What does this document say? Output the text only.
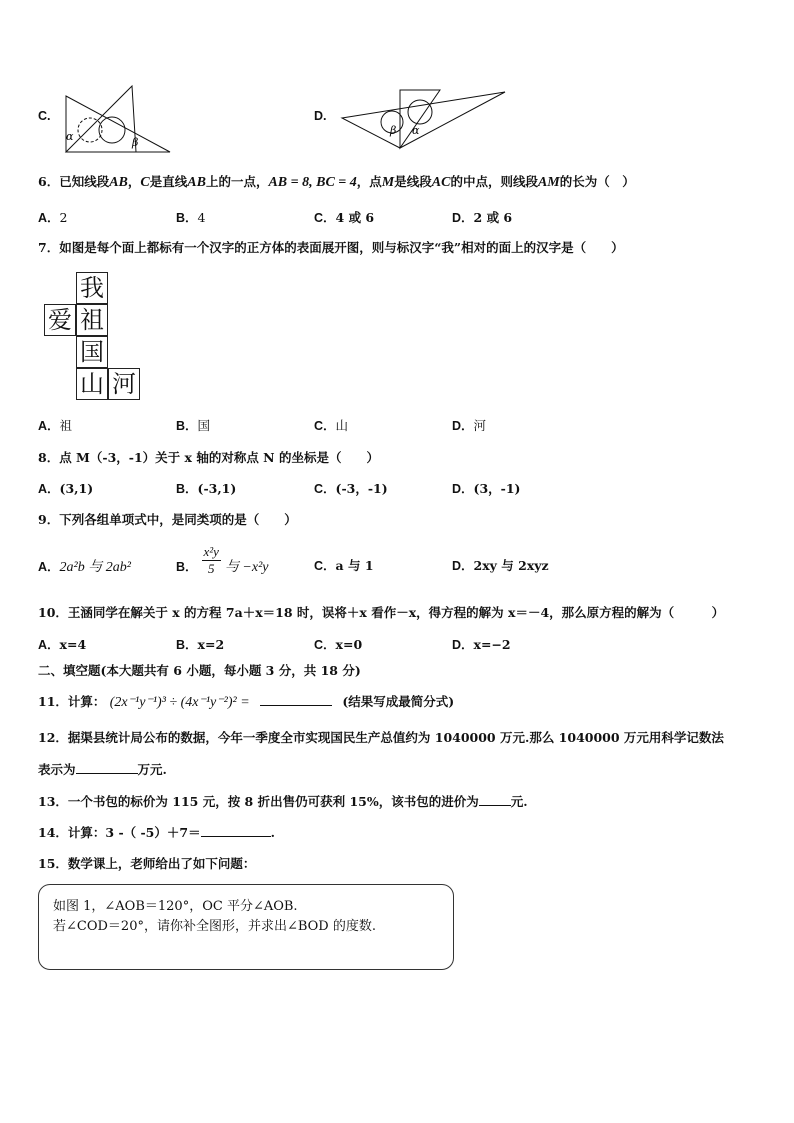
C.
α	β
D.
β α
6．已知线段AB，C是直线AB上的一点，AB = 8, BC = 4，点M是线段AC的中点，则线段AM的长为（　）
A．2	B．4	C．4 或 6	D．2 或 6
7．如图是每个面上都标有一个汉字的正方体的表面展开图，则与标汉字“我”相对的面上的汉字是（　　）
我
爱 祖
国
山 河
A．祖	B．国	C．山	D．河
8．点 M（-3，-1）关于 x 轴的对称点 N 的坐标是（　　）
A．(3,1)	B．(-3,1)	C．(-3，-1)	D．(3，-1)
9．下列各组单项式中，是同类项的是（　　）
A．2a²b 与 2ab²	B． $\frac{\text{x²y}}{5}$ 与 −x²y	C．a 与 1	D．2xy 与 2xyz
10．王涵同学在解关于 x 的方程 7a＋x＝18 时，误将＋x 看作－x，得方程的解为 x＝－4，那么原方程的解为（　　　）
A．x=4	B．x=2	C．x=0	D．x=−2
二、填空题(本大题共有 6 小题，每小题 3 分，共 18 分)
11．计算： (2x⁻¹y⁻¹)³ ÷ (4x⁻¹y⁻²)² =	(结果写成最简分式)
12．据渠县统计局公布的数据，今年一季度全市实现国民生产总值约为 1040000 万元.那么 1040000 万元用科学记数法
表示为	万元.
13．一个书包的标价为 115 元，按 8 折出售仍可获利 15%，该书包的进价为	元.
14．计算：3 -（ -5）＋7＝	.
15．数学课上，老师给出了如下问题：
如图 1，∠AOB＝120°，OC 平分∠AOB.
若∠COD＝20°，请你补全图形，并求出∠BOD 的度数.
